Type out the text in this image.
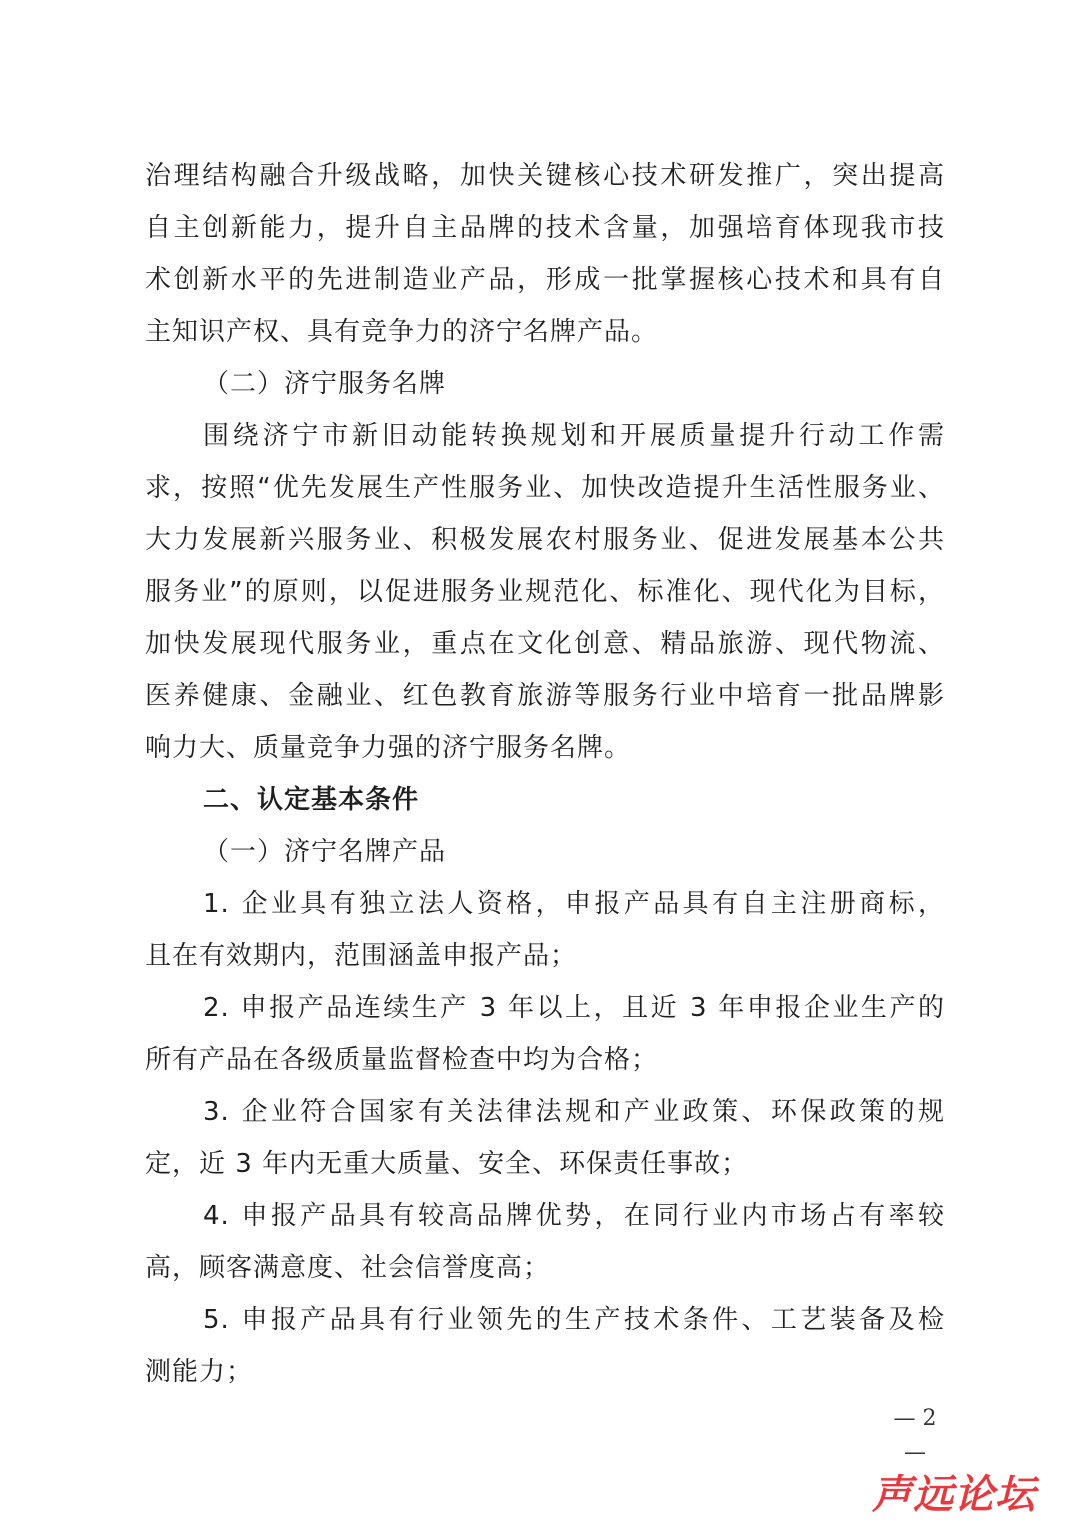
治理结构融合升级战略，加快关键核心技术研发推广，突出提高
自主创新能力，提升自主品牌的技术含量，加强培育体现我市技
术创新水平的先进制造业产品，形成一批掌握核心技术和具有自
主知识产权、具有竞争力的济宁名牌产品。
（二）济宁服务名牌
围绕济宁市新旧动能转换规划和开展质量提升行动工作需
求，按照“优先发展生产性服务业、加快改造提升生活性服务业、
大力发展新兴服务业、积极发展农村服务业、促进发展基本公共
服务业”的原则，以促进服务业规范化、标准化、现代化为目标，
加快发展现代服务业，重点在文化创意、精品旅游、现代物流、
医养健康、金融业、红色教育旅游等服务行业中培育一批品牌影
响力大、质量竞争力强的济宁服务名牌。
二、认定基本条件
（一）济宁名牌产品
1. 企业具有独立法人资格，申报产品具有自主注册商标，
且在有效期内，范围涵盖申报产品；
2. 申报产品连续生产 3 年以上，且近 3 年申报企业生产的
所有产品在各级质量监督检查中均为合格；
3. 企业符合国家有关法律法规和产业政策、环保政策的规
定，近 3 年内无重大质量、安全、环保责任事故；
4. 申报产品具有较高品牌优势，在同行业内市场占有率较
高，顾客满意度、社会信誉度高；
5. 申报产品具有行业领先的生产技术条件、工艺装备及检
测能力；
— 2 —
声远论坛
